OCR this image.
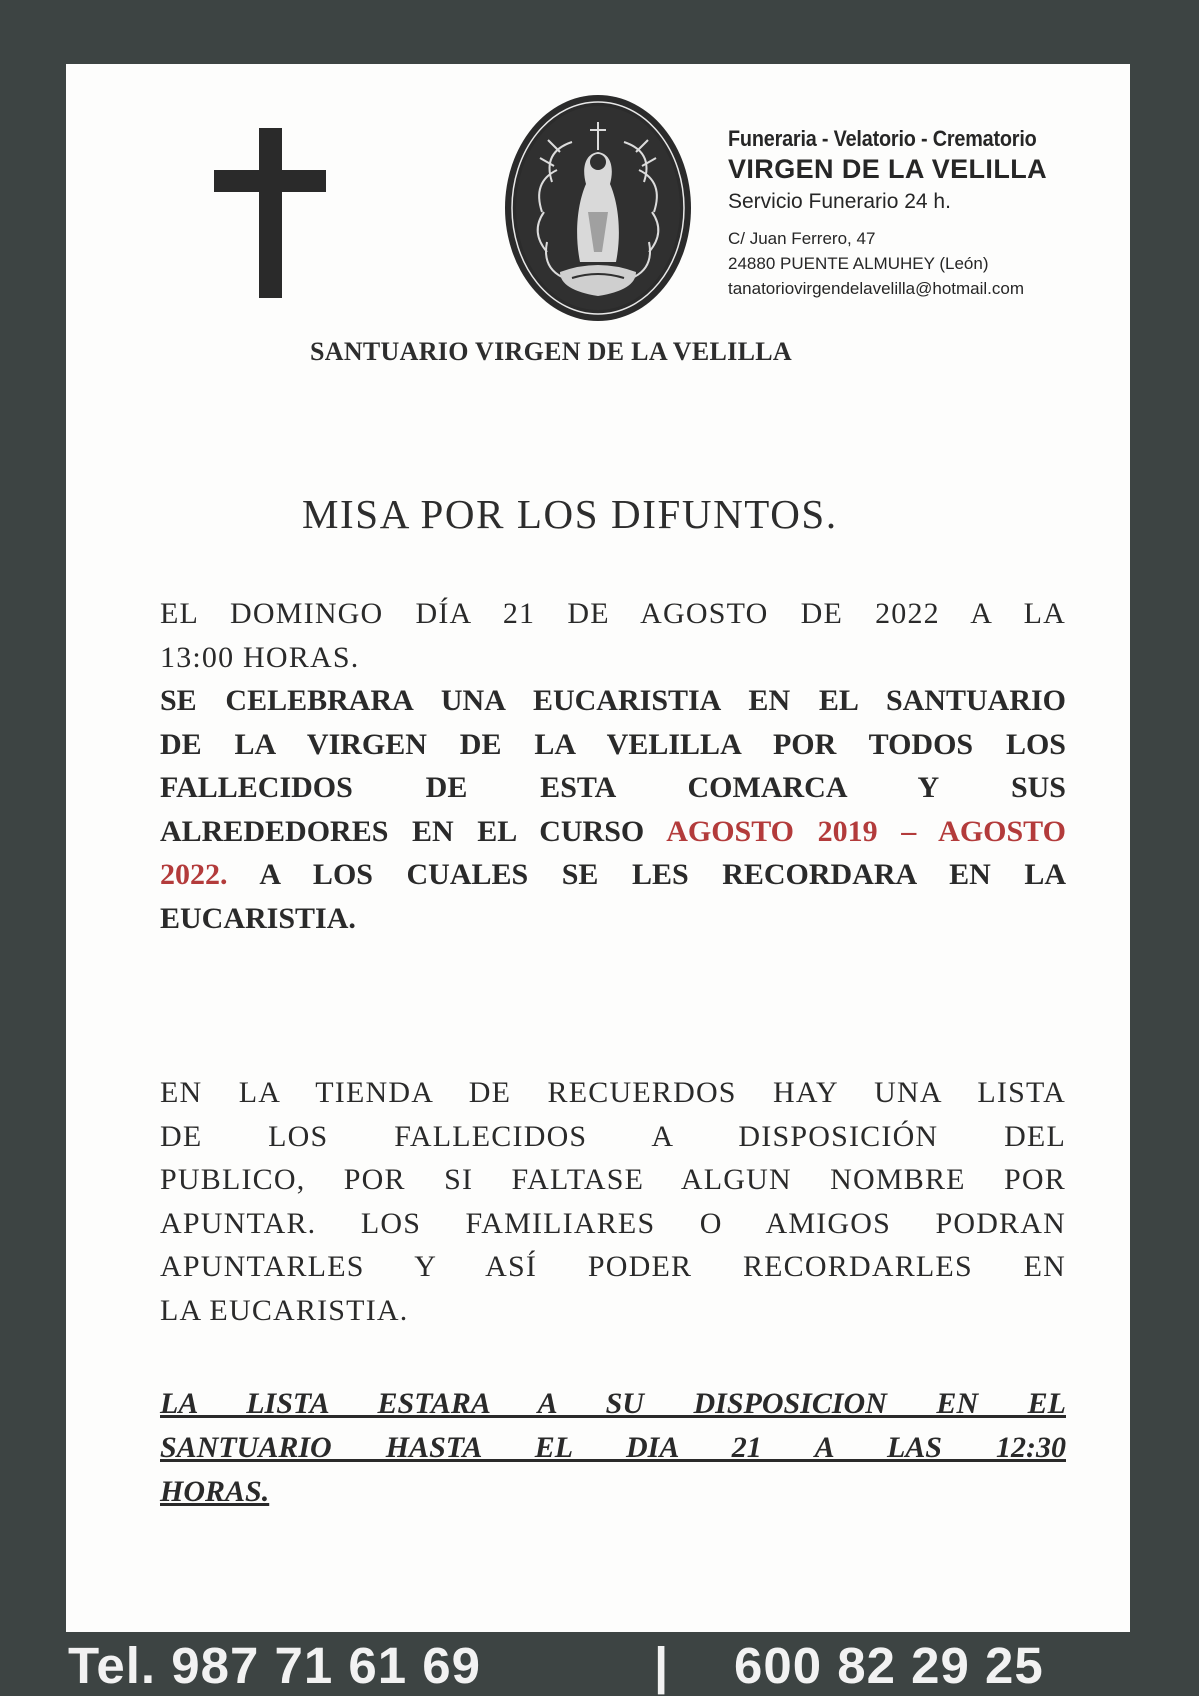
Funeraria - Velatorio - Crematorio
VIRGEN DE LA VELILLA
Servicio Funerario 24 h.
C/ Juan Ferrero, 47
24880 PUENTE ALMUHEY (León)
tanatoriovirgendelavelilla@hotmail.com
SANTUARIO VIRGEN DE LA VELILLA
MISA POR LOS DIFUNTOS.
EL DOMINGO DÍA 21 DE AGOSTO DE 2022 A LA
13:00 HORAS.
SE CELEBRARA UNA EUCARISTIA EN EL SANTUARIO
DE LA VIRGEN DE LA VELILLA POR TODOS LOS
FALLECIDOS DE ESTA COMARCA Y SUS
ALREDEDORES EN EL CURSO AGOSTO 2019 – AGOSTO
2022. A LOS CUALES SE LES RECORDARA EN LA
EUCARISTIA.
EN LA TIENDA DE RECUERDOS HAY UNA LISTA
DE LOS FALLECIDOS A DISPOSICIÓN DEL
PUBLICO, POR SI FALTASE ALGUN NOMBRE POR
APUNTAR. LOS FAMILIARES O AMIGOS PODRAN
APUNTARLES Y ASÍ PODER RECORDARLES EN
LA EUCARISTIA.
LA LISTA ESTARA A SU DISPOSICION EN EL
SANTUARIO HASTA EL DIA 21 A LAS 12:30
HORAS.
Tel. 987 71 61 69	| 600 82 29 25
